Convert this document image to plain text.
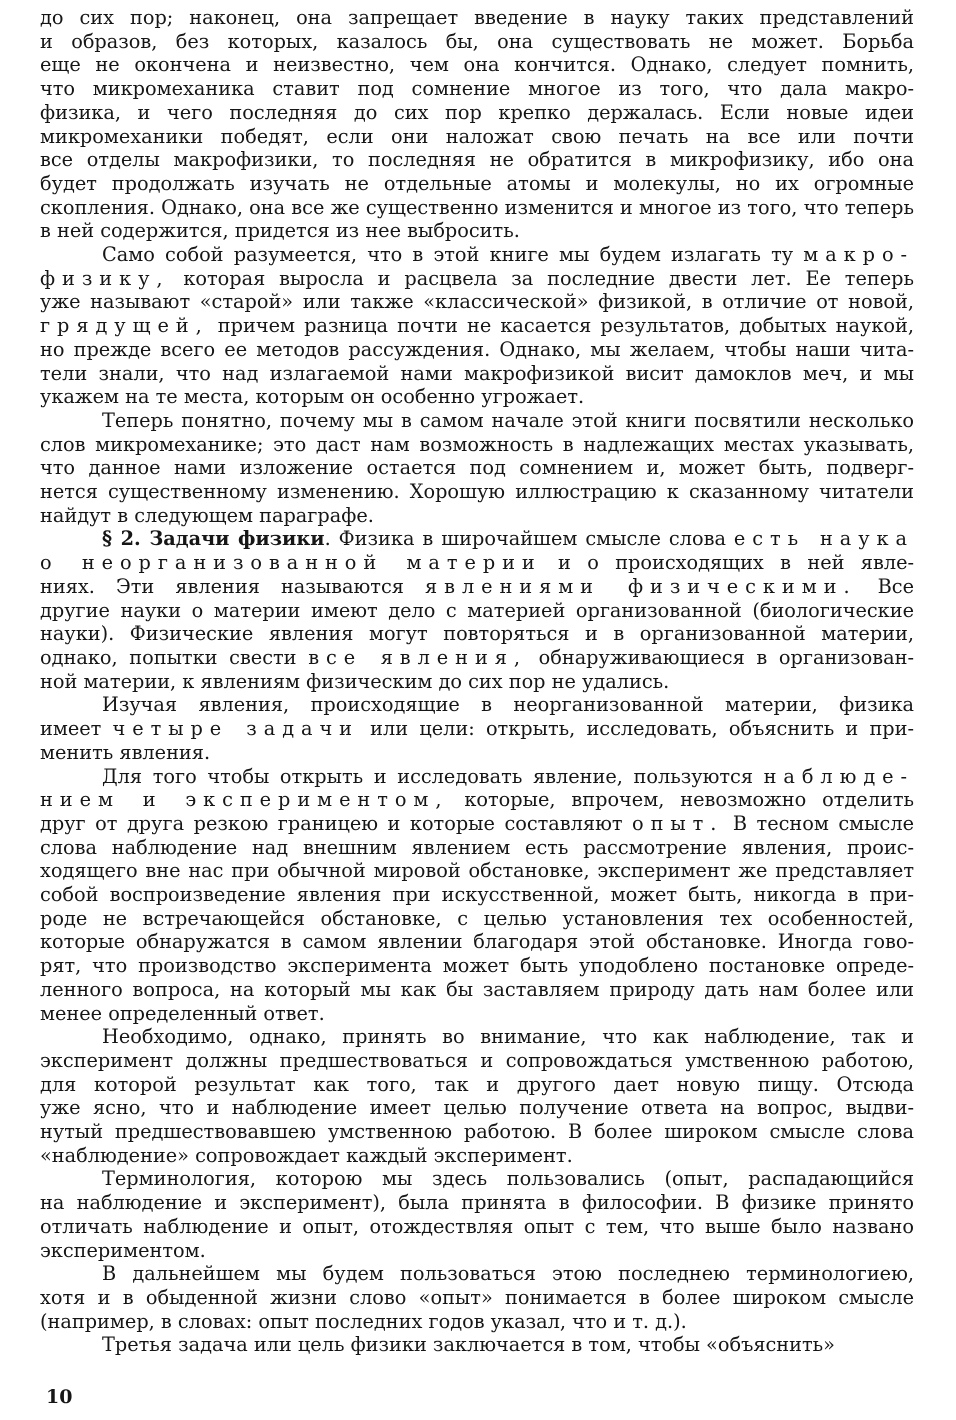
до сих пор; наконец, она запрещает введение в науку таких представлений
и образов, без которых, казалось бы, она существовать не может. Борьба
еще не окончена и неизвестно, чем она кончится. Однако, следует помнить,
что микромеханика ставит под сомнение многое из того, что дала макро-
физика, и чего последняя до сих пор крепко держалась. Если новые идеи
микромеханики победят, если они наложат свою печать на все или почти
все отделы макрофизики, то последняя не обратится в микрофизику, ибо она
будет продолжать изучать не отдельные атомы и молекулы, но их огромные
скопления. Однако, она все же существенно изменится и многое из того, что теперь
в ней содержится, придется из нее выбросить.
Само собой разумеется, что в этой книге мы будем излагать ту макро-
физику, которая выросла и расцвела за последние двести лет. Ее теперь
уже называют «старой» или также «классической» физикой, в отличие от новой,
грядущей, причем разница почти не касается результатов, добытых наукой,
но прежде всего ее методов рассуждения. Однако, мы желаем, чтобы наши чита-
тели знали, что над излагаемой нами макрофизикой висит дамоклов меч, и мы
укажем на те места, которым он особенно угрожает.
Теперь понятно, почему мы в самом начале этой книги посвятили несколько
слов микромеханике; это даст нам возможность в надлежащих местах указывать,
что данное нами изложение остается под сомнением и, может быть, подверг-
нется существенному изменению. Хорошую иллюстрацию к сказанному читатели
найдут в следующем параграфе.
§ 2. Задачи физики. Физика в широчайшем смысле слова есть наука
о неорганизованной материи и о происходящих в ней явле-
ниях. Эти явления называются явлениями физическими. Все
другие науки о материи имеют дело с материей организованной (биологические
науки). Физические явления могут повторяться и в организованной материи,
однако, попытки свести все явления, обнаруживающиеся в организован-
ной материи, к явлениям физическим до сих пор не удались.
Изучая явления, происходящие в неорганизованной материи, физика
имеет четыре задачи или цели: открыть, исследовать, объяснить и при-
менить явления.
Для того чтобы открыть и исследовать явление, пользуются наблюде-
нием и экспериментом, которые, впрочем, невозможно отделить
друг от друга резкою границею и которые составляют опыт. В тесном смысле
слова наблюдение над внешним явлением есть рассмотрение явления, проис-
ходящего вне нас при обычной мировой обстановке, эксперимент же представляет
собой воспроизведение явления при искусственной, может быть, никогда в при-
роде не встречающейся обстановке, с целью установления тех особенностей,
которые обнаружатся в самом явлении благодаря этой обстановке. Иногда гово-
рят, что производство эксперимента может быть уподоблено постановке опреде-
ленного вопроса, на который мы как бы заставляем природу дать нам более или
менее определенный ответ.
Необходимо, однако, принять во внимание, что как наблюдение, так и
эксперимент должны предшествоваться и сопровождаться умственною работою,
для которой результат как того, так и другого дает новую пищу. Отсюда
уже ясно, что и наблюдение имеет целью получение ответа на вопрос, выдви-
нутый предшествовавшею умственною работою. В более широком смысле слова
«наблюдение» сопровождает каждый эксперимент.
Терминология, которою мы здесь пользовались (опыт, распадающийся
на наблюдение и эксперимент), была принята в философии. В физике принято
отличать наблюдение и опыт, отождествляя опыт с тем, что выше было названо
экспериментом.
В дальнейшем мы будем пользоваться этою последнею терминологиею,
хотя и в обыденной жизни слово «опыт» понимается в более широком смысле
(например, в словах: опыт последних годов указал, что и т. д.).
Третья задача или цель физики заключается в том, чтобы «объяснить»
10
